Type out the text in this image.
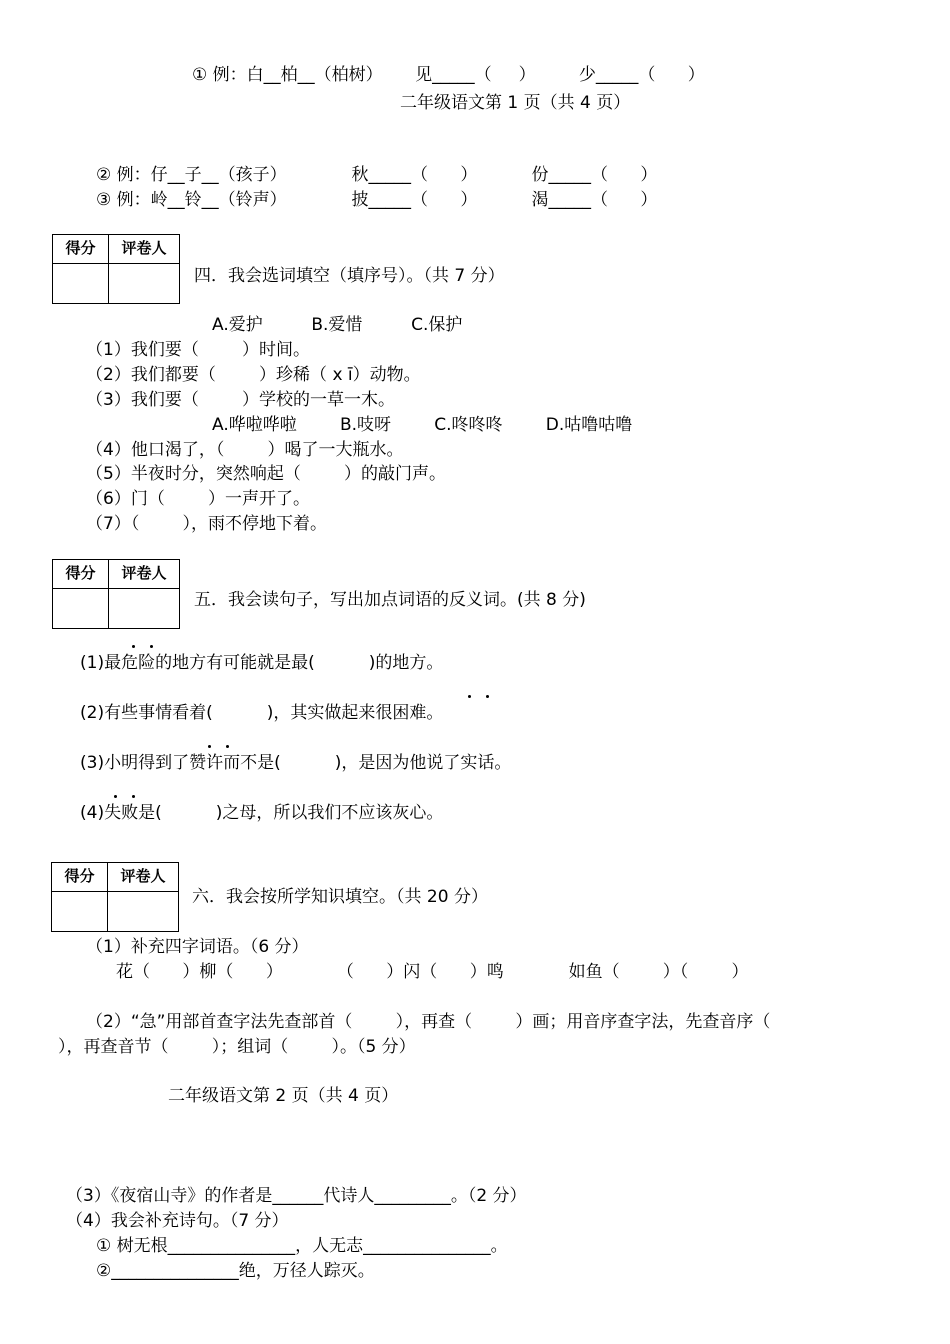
① 例：白__柏__（柏树）      见_____（     ）        少_____（      ）
二年级语文第 1 页（共 4 页）
② 例：仔__子__（孩子）            秋_____（      ）          份_____（      ）
③ 例：岭__铃__（铃声）            披_____（      ）          渴_____（      ）
得分	评卷人
四．我会选词填空（填序号）。（共 7 分）
A.爱护         B.爱惜         C.保护
（1）我们要（        ）时间。
（2）我们都要（        ）珍稀（ x ī）动物。
（3）我们要（        ）学校的一草一木。
A.哗啦哗啦        B.吱呀        C.咚咚咚        D.咕噜咕噜
（4）他口渴了，（        ）喝了一大瓶水。
（5）半夜时分，突然响起（        ）的敲门声。
（6）门（        ）一声开了。
（7）（        ），雨不停地下着。
得分	评卷人
五．我会读句子，写出加点词语的反义词。(共 8 分)
(1)最危险的地方有可能就是最(          )的地方。
(2)有些事情看着(          )，其实做起来很困难。
(3)小明得到了赞许而不是(          )，是因为他说了实话。
(4)失败是(          )之母，所以我们不应该灰心。
得分	评卷人
六．我会按所学知识填空。（共 20 分）
（1）补充四字词语。（6 分）
花（      ）柳（      ）          （      ）闪（      ）鸣            如鱼（        ）（        ）
（2）“急”用部首查字法先查部首（        ），再查（        ）画；用音序查字法，先查音序（
），再查音节（        ）；组词（        ）。（5 分）
二年级语文第 2 页（共 4 页）
（3）《夜宿山寺》的作者是______代诗人_________。（2 分）
（4）我会补充诗句。（7 分）
① 树无根_______________，人无志_______________。
②_______________绝，万径人踪灭。
